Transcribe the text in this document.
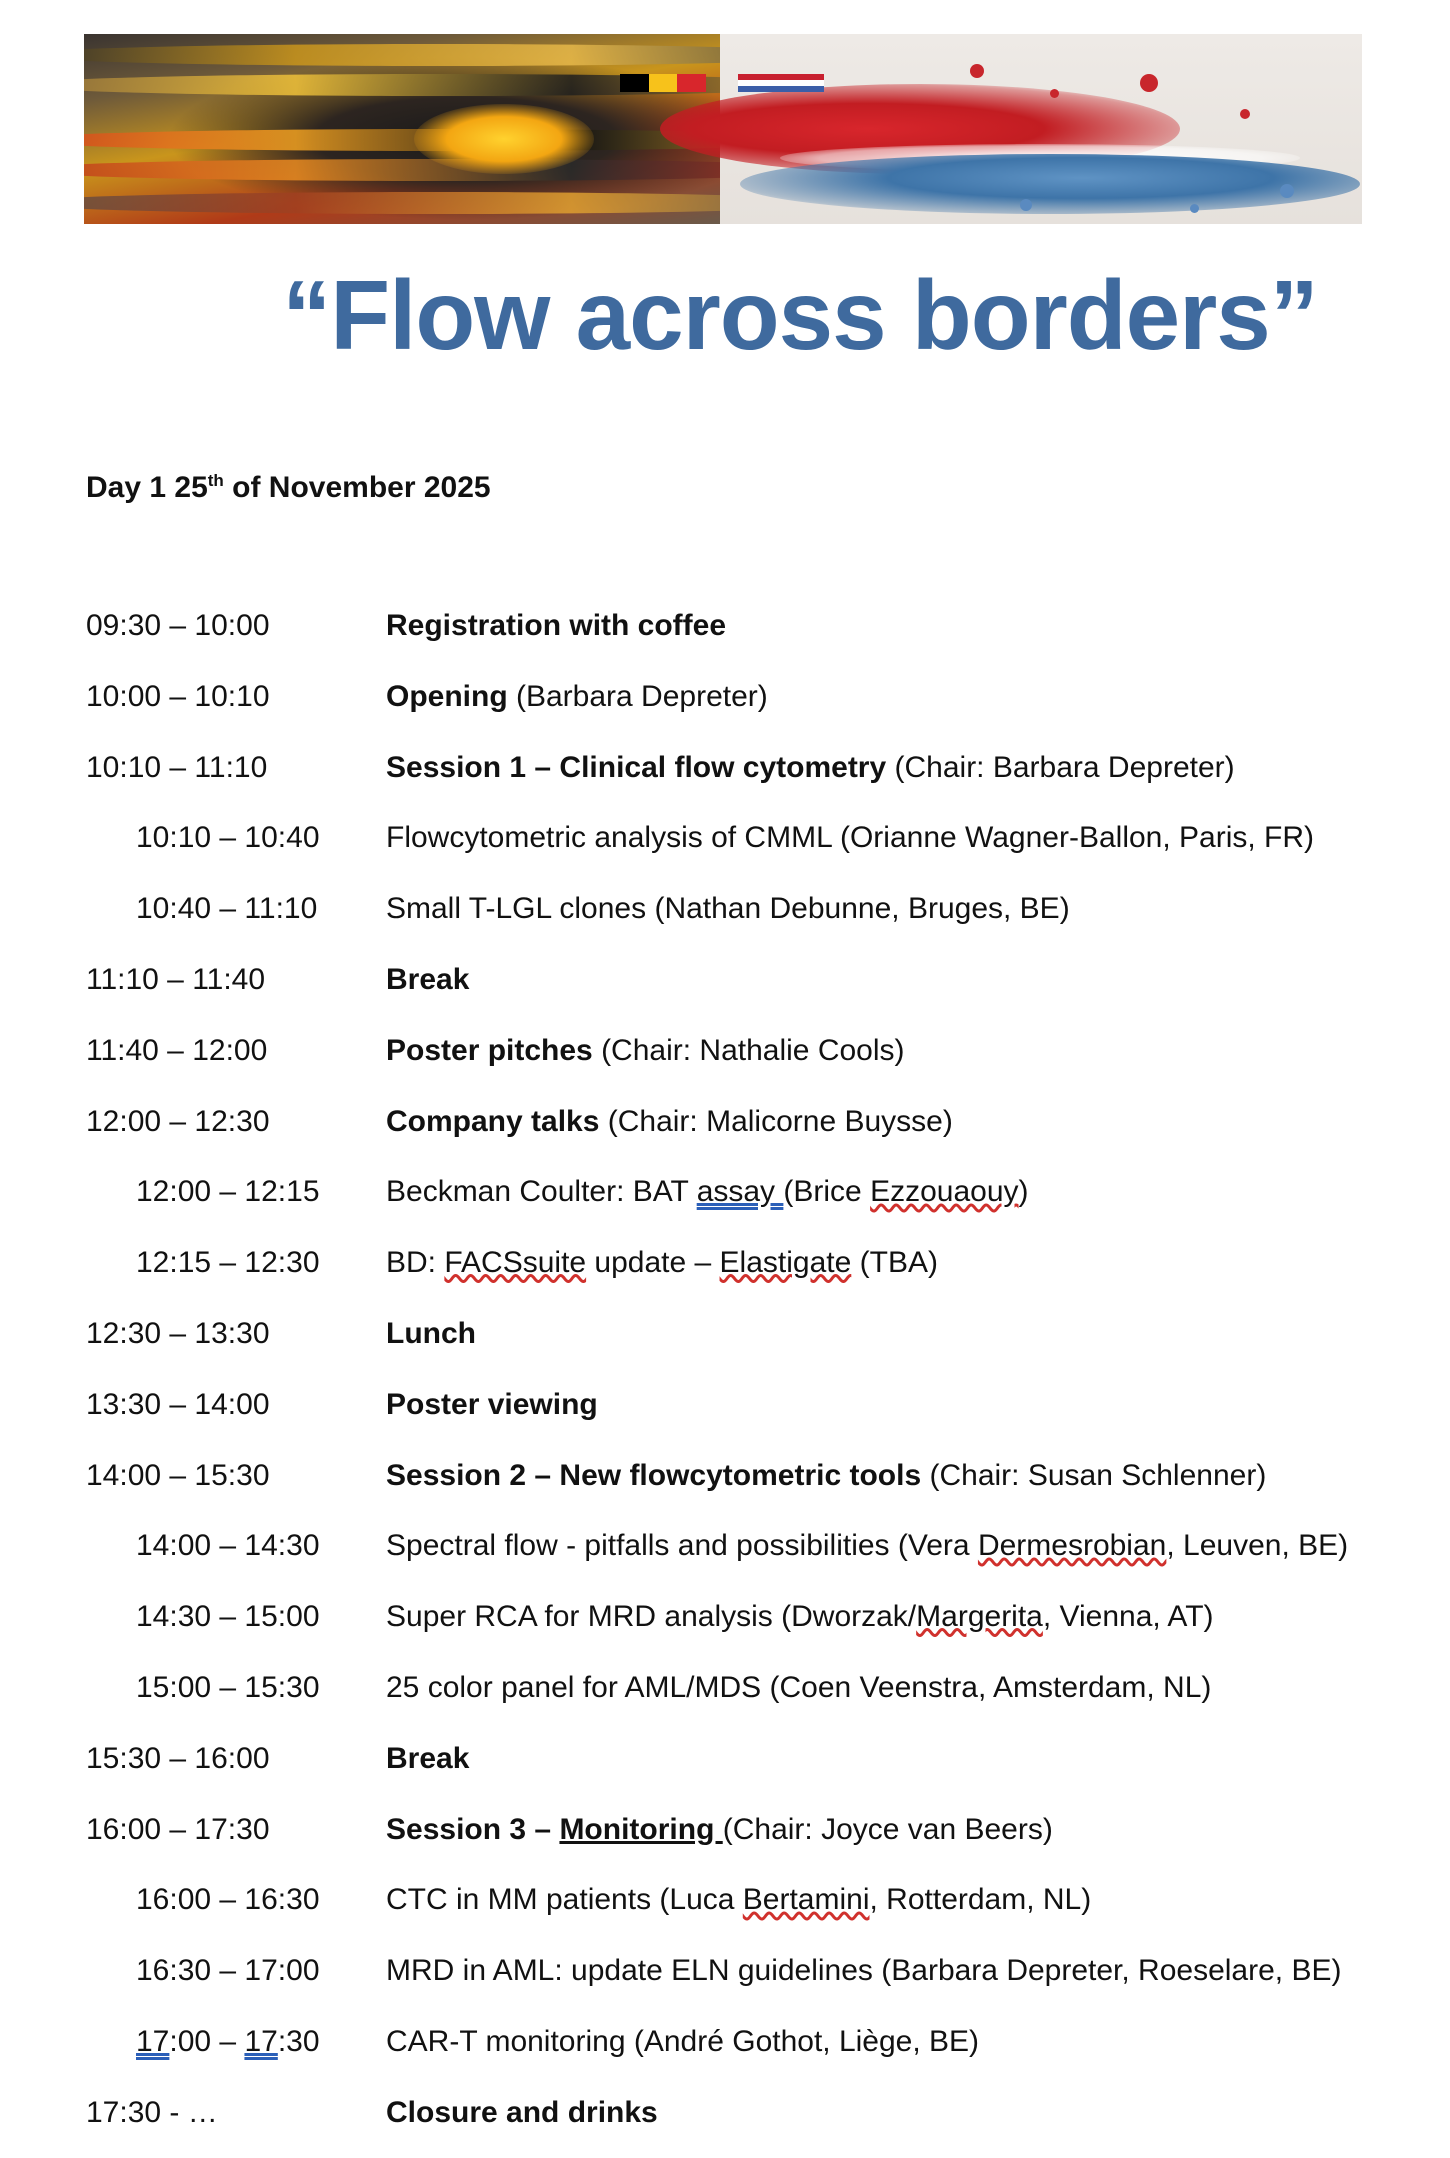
“Flow across borders”
Day 1 25th of November 2025
09:30 – 10:00	Registration with coffee
10:00 – 10:10	Opening (Barbara Depreter)
10:10 – 11:10	Session 1 – Clinical flow cytometry (Chair: Barbara Depreter)
10:10 – 10:40 Flowcytometric analysis of CMML (Orianne Wagner-Ballon, Paris, FR)
10:40 – 11:10 Small T-LGL clones (Nathan Debunne, Bruges, BE)
11:10 – 11:40	Break
11:40 – 12:00	Poster pitches (Chair: Nathalie Cools)
12:00 – 12:30	Company talks (Chair: Malicorne Buysse)
12:00 – 12:15 Beckman Coulter: BAT assay (Brice Ezzouaouy)
12:15 – 12:30 BD: FACSsuite update – Elastigate (TBA)
12:30 – 13:30	Lunch
13:30 – 14:00	Poster viewing
14:00 – 15:30	Session 2 – New flowcytometric tools (Chair: Susan Schlenner)
14:00 – 14:30 Spectral flow - pitfalls and possibilities (Vera Dermesrobian, Leuven, BE)
14:30 – 15:00 Super RCA for MRD analysis (Dworzak/Margerita, Vienna, AT)
15:00 – 15:30 25 color panel for AML/MDS (Coen Veenstra, Amsterdam, NL)
15:30 – 16:00	Break
16:00 – 17:30	Session 3 – Monitoring (Chair: Joyce van Beers)
16:00 – 16:30 CTC in MM patients (Luca Bertamini, Rotterdam, NL)
16:30 – 17:00 MRD in AML: update ELN guidelines (Barbara Depreter, Roeselare, BE)
17:00 – 17:30 CAR-T monitoring (André Gothot, Liège, BE)
17:30 - …	Closure and drinks
